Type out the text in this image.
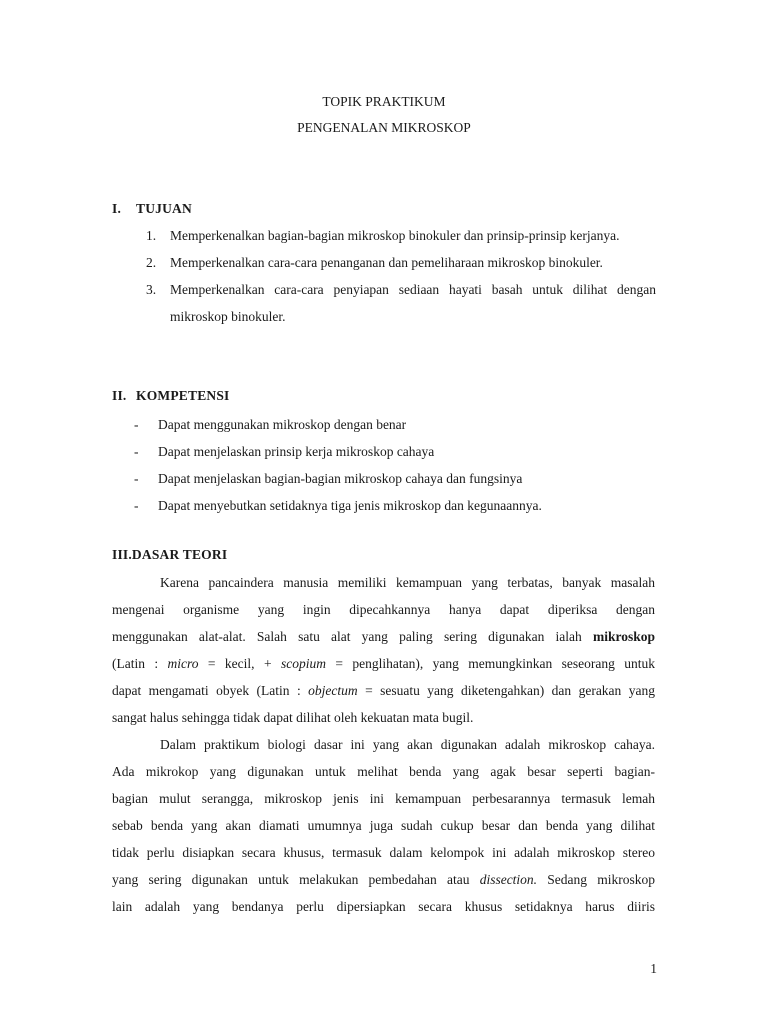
TOPIK PRAKTIKUM
PENGENALAN MIKROSKOP
I. TUJUAN
1. Memperkenalkan bagian-bagian mikroskop binokuler dan prinsip-prinsip kerjanya.
2. Memperkenalkan cara-cara penanganan dan pemeliharaan mikroskop binokuler.
3. Memperkenalkan cara-cara penyiapan sediaan hayati basah untuk dilihat dengan mikroskop binokuler.
II. KOMPETENSI
- Dapat menggunakan mikroskop dengan benar
- Dapat menjelaskan prinsip kerja mikroskop cahaya
- Dapat menjelaskan bagian-bagian mikroskop cahaya dan fungsinya
- Dapat menyebutkan setidaknya tiga jenis mikroskop dan kegunaannya.
III.DASAR TEORI
Karena pancaindera manusia memiliki kemampuan yang terbatas, banyak masalah
mengenai organisme yang ingin dipecahkannya hanya dapat diperiksa dengan
menggunakan alat-alat. Salah satu alat yang paling sering digunakan ialah mikroskop
(Latin : micro = kecil, + scopium = penglihatan), yang memungkinkan seseorang untuk
dapat mengamati obyek (Latin : objectum = sesuatu yang diketengahkan) dan gerakan yang
sangat halus sehingga tidak dapat dilihat oleh kekuatan mata bugil.
Dalam praktikum biologi dasar ini yang akan digunakan adalah mikroskop cahaya.
Ada mikrokop yang digunakan untuk melihat benda yang agak besar seperti bagian-
bagian mulut serangga, mikroskop jenis ini kemampuan perbesarannya termasuk lemah
sebab benda yang akan diamati umumnya juga sudah cukup besar dan benda yang dilihat
tidak perlu disiapkan secara khusus, termasuk dalam kelompok ini adalah mikroskop stereo
yang sering digunakan untuk melakukan pembedahan atau dissection. Sedang mikroskop
lain adalah yang bendanya perlu dipersiapkan secara khusus setidaknya harus diiris
1
